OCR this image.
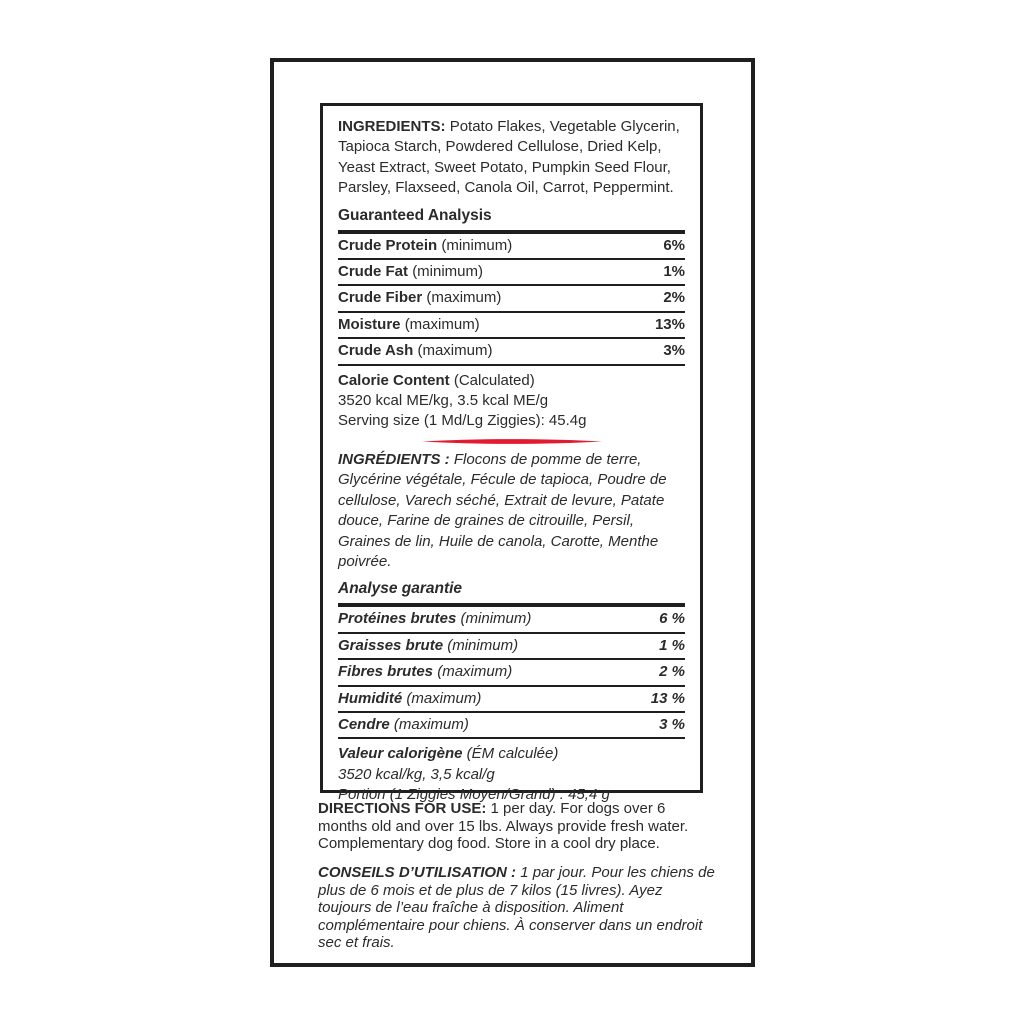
INGREDIENTS: Potato Flakes, Vegetable Glycerin, Tapioca Starch, Powdered Cellulose, Dried Kelp, Yeast Extract, Sweet Potato, Pumpkin Seed Flour, Parsley, Flaxseed, Canola Oil, Carrot, Peppermint.

Guaranteed Analysis
Crude Protein (minimum)	6%
Crude Fat (minimum)	1%
Crude Fiber (maximum)	2%
Moisture (maximum)	13%
Crude Ash (maximum)	3%

Calorie Content (Calculated)

3520 kcal ME/kg, 3.5 kcal ME/g

Serving size (1 Md/Lg Ziggies): 45.4g

INGRÉDIENTS : Flocons de pomme de terre, Glycérine végétale, Fécule de tapioca, Poudre de cellulose, Varech séché, Extrait de levure, Patate douce, Farine de graines de citrouille, Persil, Graines de lin, Huile de canola, Carotte, Menthe poivrée.

Analyse garantie
Protéines brutes (minimum)	6 %
Graisses brute (minimum)	1 %
Fibres brutes (maximum)	2 %
Humidité (maximum)	13 %
Cendre (maximum)	3 %

Valeur calorigène (ÉM calculée)

3520 kcal/kg, 3,5 kcal/g

Portion (1 Ziggies Moyen/Grand) : 45,4 g

DIRECTIONS FOR USE: 1 per day. For dogs over 6 months old and over 15 lbs. Always provide fresh water. Complementary dog food. Store in a cool dry place.

CONSEILS D’UTILISATION : 1 par jour. Pour les chiens de plus de 6 mois et de plus de 7 kilos (15 livres). Ayez toujours de l’eau fraîche à disposition. Aliment complémentaire pour chiens. À conserver dans un endroit sec et frais.
